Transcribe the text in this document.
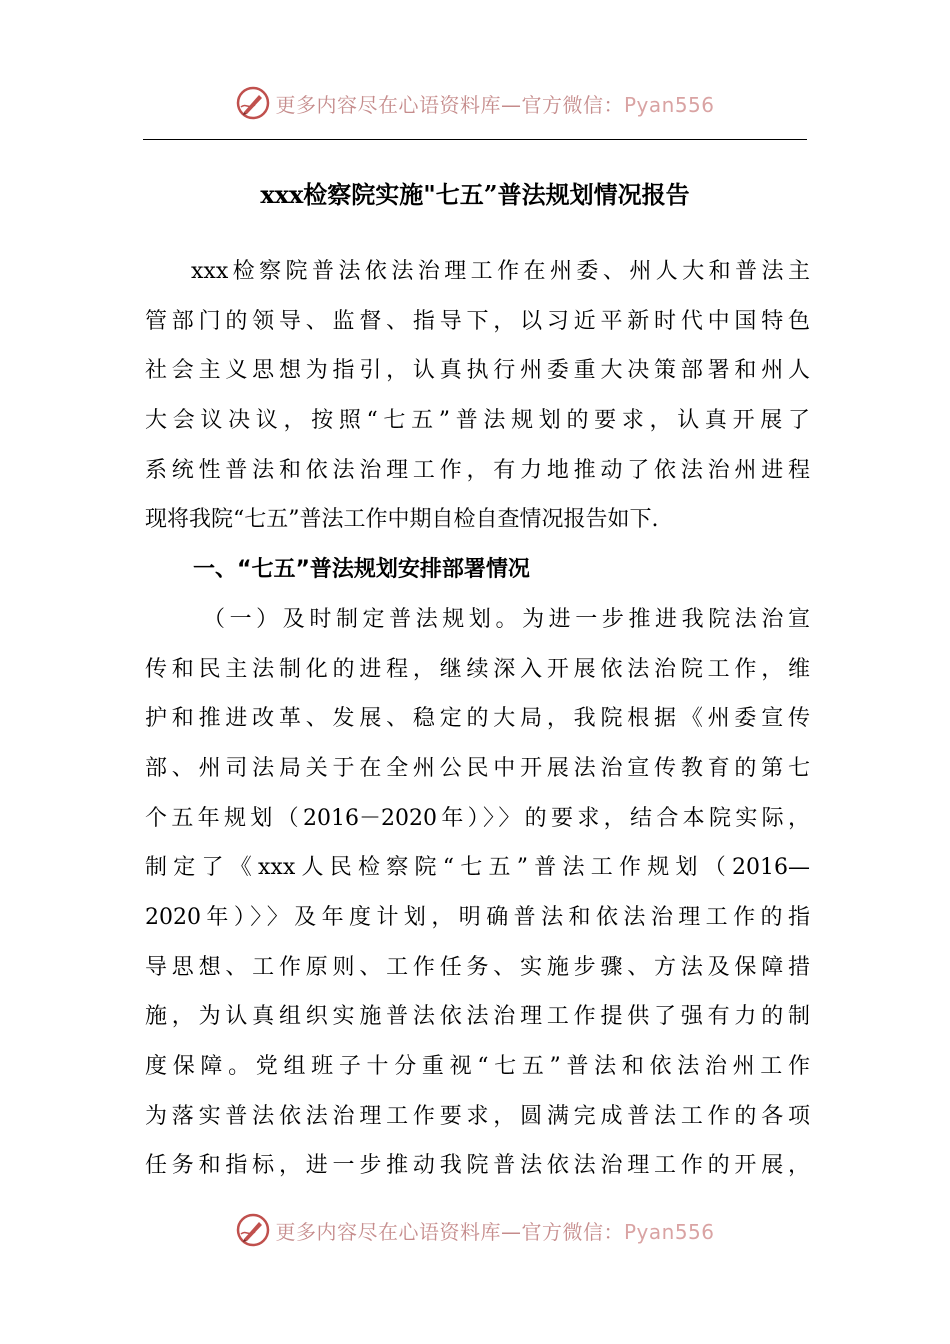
更多内容尽在心语资料库—官方微信：Pyan556
xxx检察院实施"七五”普法规划情况报告
xxx检察院普法依法治理工作在州委、州人大和普法主
管部门的领导、监督、指导下，以习近平新时代中国特色
社会主义思想为指引，认真执行州委重大决策部署和州人
大会议决议，按照“七五”普法规划的要求，认真开展了
系统性普法和依法治理工作，有力地推动了依法治州进程
现将我院“七五”普法工作中期自检自查情况报告如下.
一、“七五”普法规划安排部署情况
（一）及时制定普法规划。为进一步推进我院法治宣
传和民主法制化的进程，继续深入开展依法治院工作，维
护和推进改革、发展、稳定的大局，我院根据《州委宣传
部、州司法局关于在全州公民中开展法治宣传教育的第七
个五年规划（2016－2020年）〉〉的要求，结合本院实际，
制定了《xxx人民检察院“七五”普法工作规划（2016—
2020年）〉〉及年度计划，明确普法和依法治理工作的指
导思想、工作原则、工作任务、实施步骤、方法及保障措
施，为认真组织实施普法依法治理工作提供了强有力的制
度保障。党组班子十分重视“七五”普法和依法治州工作
为落实普法依法治理工作要求，圆满完成普法工作的各项
任务和指标，进一步推动我院普法依法治理工作的开展，
更多内容尽在心语资料库—官方微信：Pyan556
